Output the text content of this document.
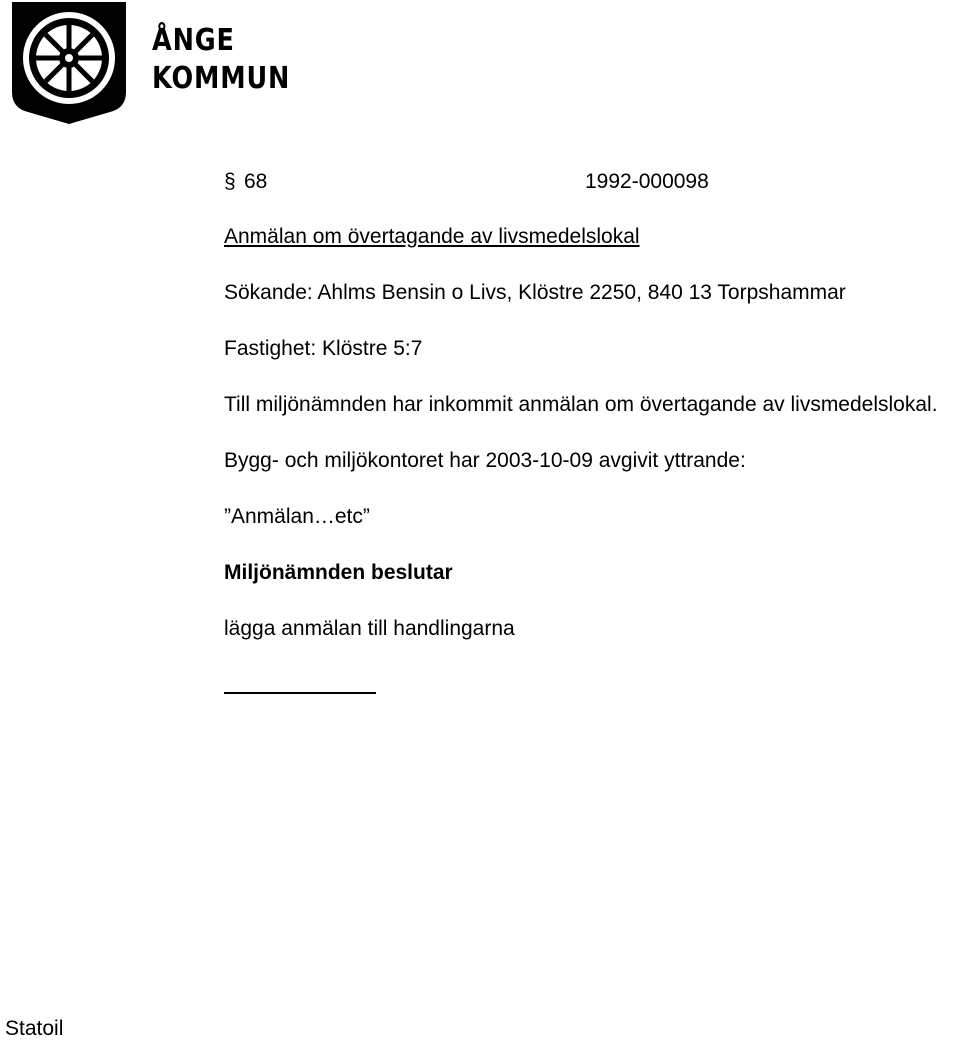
ÅNGE
KOMMUN
§ 68	1992-000098
Anmälan om övertagande av livsmedelslokal
Sökande: Ahlms Bensin o Livs, Klöstre 2250, 840 13 Torpshammar
Fastighet: Klöstre 5:7
Till miljönämnden har inkommit anmälan om övertagande av livsmedelslokal.
Bygg- och miljökontoret har 2003-10-09 avgivit yttrande:
”Anmälan…etc”
Miljönämnden beslutar
lägga anmälan till handlingarna
Statoil
